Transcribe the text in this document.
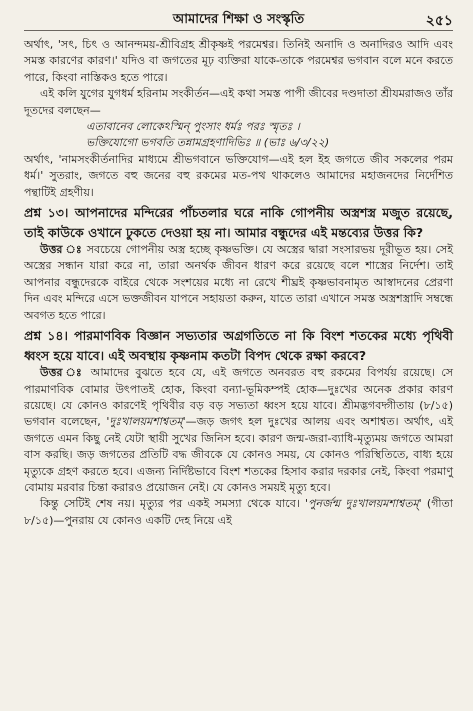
আমাদের শিক্ষা ও সংস্কৃতি	২৫১

অর্থাৎ, 'সৎ, চিৎ ও আনন্দময়-শ্রীবিগ্রহ শ্রীকৃষ্ণই পরমেশ্বর। তিনিই অনাদি ও অনাদিরও আদি এবং সমস্ত কারণের কারণ।' যদিও বা জগতের মূঢ় ব্যক্তিরা যাকে-তাকে পরমেশ্বর ভগবান বলে মনে করতে পারে, কিংবা নাস্তিকও হতে পারে।

এই কলি যুগের যুগধর্ম হরিনাম সংকীর্তন—এই কথা সমস্ত পাপী জীবের দণ্ডদাতা শ্রীযমরাজও তাঁর দূতদের বলছেন—

এতাবানেব লোকেঽস্মিন্ পুংসাং ধর্মঃ পরঃ স্মৃতঃ ।
ভক্তিযোগো ভগবতি তন্নামগ্রহণাদিভিঃ ॥ (ভাঃ ৬/৩/২২)

অর্থাৎ, 'নামসংকীর্তনাদির মাধ্যমে শ্রীভগবানে ভক্তিযোগ—এই হল ইহ জগতে জীব সকলের পরম ধর্ম।' সুতরাং, জগতে বহু জনের বহু রকমের মত-পথ থাকলেও আমাদের মহাজনদের নির্দেশিত পন্থাটিই গ্রহণীয়।

প্রশ্ন ১৩। আপনাদের মন্দিরের পাঁচতলার ঘরে নাকি গোপনীয় অস্ত্রশস্ত্র মজুত রয়েছে, তাই কাউকে ওখানে ঢুকতে দেওয়া হয় না। আমার বন্ধুদের এই মন্তব্যের উত্তর কি?

উত্তর ঃ সবচেয়ে গোপনীয় অস্ত্র হচ্ছে কৃষ্ণভক্তি। যে অস্ত্রের দ্বারা সংসারভয় দূরীভূত হয়। সেই অস্ত্রের সন্ধান যারা করে না, তারা অনর্থক জীবন ধারণ করে রয়েছে বলে শাস্ত্রের নির্দেশ। তাই আপনার বন্ধুদেরকে বাইরে থেকে সংশয়ের মধ্যে না রেখে শীঘ্রই কৃষ্ণভাবনামৃত আস্বাদনের প্রেরণা দিন এবং মন্দিরে এসে ভক্তজীবন যাপনে সহায়তা করুন, যাতে তারা এখানে সমস্ত অস্ত্রশস্ত্রাদি সম্বন্ধে অবগত হতে পারে।

প্রশ্ন ১৪। পারমাণবিক বিজ্ঞান সভ্যতার অগ্রগতিতে না কি বিংশ শতকের মধ্যে পৃথিবী ধ্বংস হয়ে যাবে। এই অবস্থায় কৃষ্ণনাম কতটা বিপদ থেকে রক্ষা করবে?

উত্তর ঃ আমাদের বুঝতে হবে যে, এই জগতে অনবরত বহু রকমের বিপর্যয় রয়েছে। সে পারমাণবিক বোমার উৎপাতই হোক, কিংবা বন্যা-ভূমিকম্পই হোক—দুঃখের অনেক প্রকার কারণ রয়েছে। যে কোনও কারণেই পৃথিবীর বড় বড় সভ্যতা ধ্বংস হয়ে যাবে। শ্রীমদ্ভগবদ্গীতায় (৮/১৫) ভগবান বলেছেন, 'দুঃখালয়মশাশ্বতম্'—জড় জগৎ হল দুঃখের আলয় এবং অশাশ্বত। অর্থাৎ, এই জগতে এমন কিছু নেই যেটা স্থায়ী সুখের জিনিস হবে। কারণ জন্ম-জরা-ব্যাধি-মৃত্যুময় জগতে আমরা বাস করছি। জড় জগতের প্রতিটি বদ্ধ জীবকে যে কোনও সময়, যে কোনও পরিস্থিতিতে, বাধ্য হয়ে মৃত্যুকে গ্রহণ করতে হবে। এজন্য নির্দিষ্টভাবে বিংশ শতকের হিসাব করার দরকার নেই, কিংবা পরমাণু বোমায় মরবার চিন্তা করারও প্রয়োজন নেই। যে কোনও সময়ই মৃত্যু হবে।

কিন্তু সেটিই শেষ নয়। মৃত্যুর পর একই সমস্যা থেকে যাবে। 'পুনর্জন্ম দুঃখালয়মশাশ্বতম্' (গীতা ৮/১৫)—পুনরায় যে কোনও একটি দেহ নিয়ে এই
